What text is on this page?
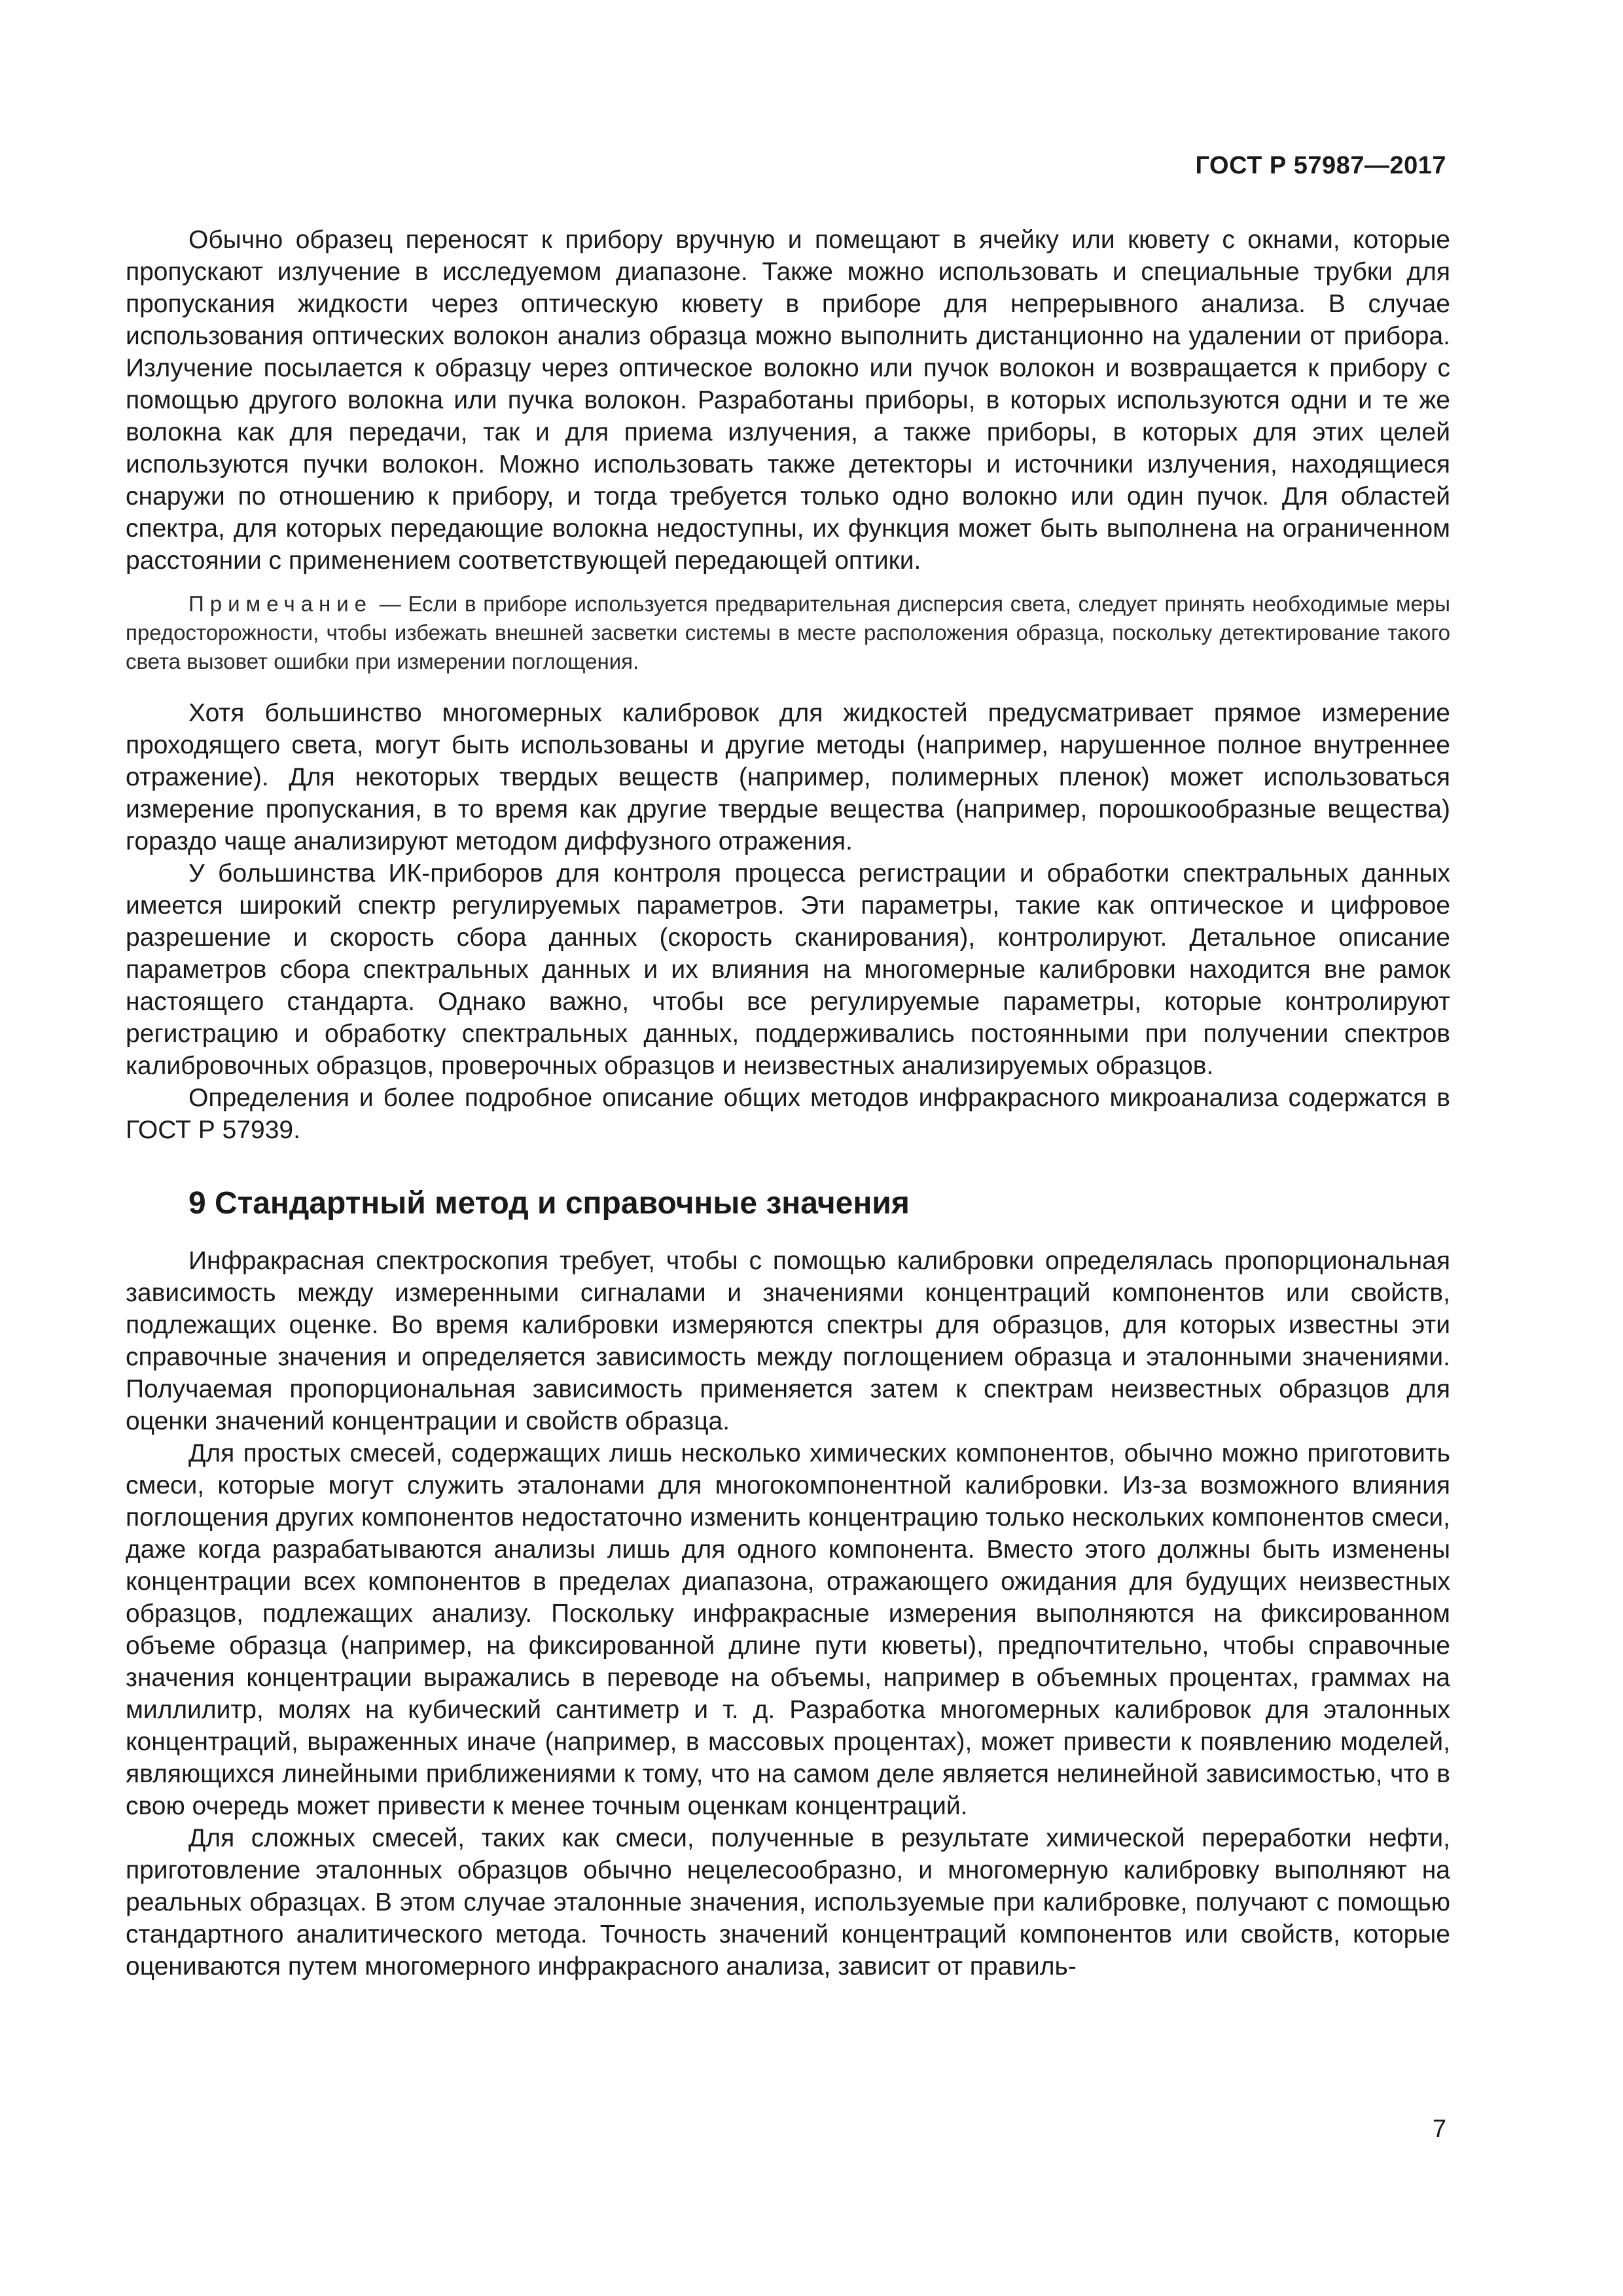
ГОСТ Р 57987—2017

Обычно образец переносят к прибору вручную и помещают в ячейку или кювету с окнами, которые пропускают излучение в исследуемом диапазоне. Также можно использовать и специальные трубки для пропускания жидкости через оптическую кювету в приборе для непрерывного анализа. В случае использования оптических волокон анализ образца можно выполнить дистанционно на удалении от прибора. Излучение посылается к образцу через оптическое волокно или пучок волокон и возвращается к прибору с помощью другого волокна или пучка волокон. Разработаны приборы, в которых используются одни и те же волокна как для передачи, так и для приема излучения, а также приборы, в которых для этих целей используются пучки волокон. Можно использовать также детекторы и источники излучения, находящиеся снаружи по отношению к прибору, и тогда требуется только одно волокно или один пучок. Для областей спектра, для которых передающие волокна недоступны, их функция может быть выполнена на ограниченном расстоянии с применением соответствующей передающей оптики.

Примечание — Если в приборе используется предварительная дисперсия света, следует принять необходимые меры предосторожности, чтобы избежать внешней засветки системы в месте расположения образца, поскольку детектирование такого света вызовет ошибки при измерении поглощения.

Хотя большинство многомерных калибровок для жидкостей предусматривает прямое измерение проходящего света, могут быть использованы и другие методы (например, нарушенное полное внутреннее отражение). Для некоторых твердых веществ (например, полимерных пленок) может использоваться измерение пропускания, в то время как другие твердые вещества (например, порошкообразные вещества) гораздо чаще анализируют методом диффузного отражения.

У большинства ИК-приборов для контроля процесса регистрации и обработки спектральных данных имеется широкий спектр регулируемых параметров. Эти параметры, такие как оптическое и цифровое разрешение и скорость сбора данных (скорость сканирования), контролируют. Детальное описание параметров сбора спектральных данных и их влияния на многомерные калибровки находится вне рамок настоящего стандарта. Однако важно, чтобы все регулируемые параметры, которые контролируют регистрацию и обработку спектральных данных, поддерживались постоянными при получении спектров калибровочных образцов, проверочных образцов и неизвестных анализируемых образцов.

Определения и более подробное описание общих методов инфракрасного микроанализа содержатся в ГОСТ Р 57939.

9 Стандартный метод и справочные значения

Инфракрасная спектроскопия требует, чтобы с помощью калибровки определялась пропорциональная зависимость между измеренными сигналами и значениями концентраций компонентов или свойств, подлежащих оценке. Во время калибровки измеряются спектры для образцов, для которых известны эти справочные значения и определяется зависимость между поглощением образца и эталонными значениями. Получаемая пропорциональная зависимость применяется затем к спектрам неизвестных образцов для оценки значений концентрации и свойств образца.

Для простых смесей, содержащих лишь несколько химических компонентов, обычно можно приготовить смеси, которые могут служить эталонами для многокомпонентной калибровки. Из-за возможного влияния поглощения других компонентов недостаточно изменить концентрацию только нескольких компонентов смеси, даже когда разрабатываются анализы лишь для одного компонента. Вместо этого должны быть изменены концентрации всех компонентов в пределах диапазона, отражающего ожидания для будущих неизвестных образцов, подлежащих анализу. Поскольку инфракрасные измерения выполняются на фиксированном объеме образца (например, на фиксированной длине пути кюветы), предпочтительно, чтобы справочные значения концентрации выражались в переводе на объемы, например в объемных процентах, граммах на миллилитр, молях на кубический сантиметр и т. д. Разработка многомерных калибровок для эталонных концентраций, выраженных иначе (например, в массовых процентах), может привести к появлению моделей, являющихся линейными приближениями к тому, что на самом деле является нелинейной зависимостью, что в свою очередь может привести к менее точным оценкам концентраций.

Для сложных смесей, таких как смеси, полученные в результате химической переработки нефти, приготовление эталонных образцов обычно нецелесообразно, и многомерную калибровку выполняют на реальных образцах. В этом случае эталонные значения, используемые при калибровке, получают с помощью стандартного аналитического метода. Точность значений концентраций компонентов или свойств, которые оцениваются путем многомерного инфракрасного анализа, зависит от правиль-

7
